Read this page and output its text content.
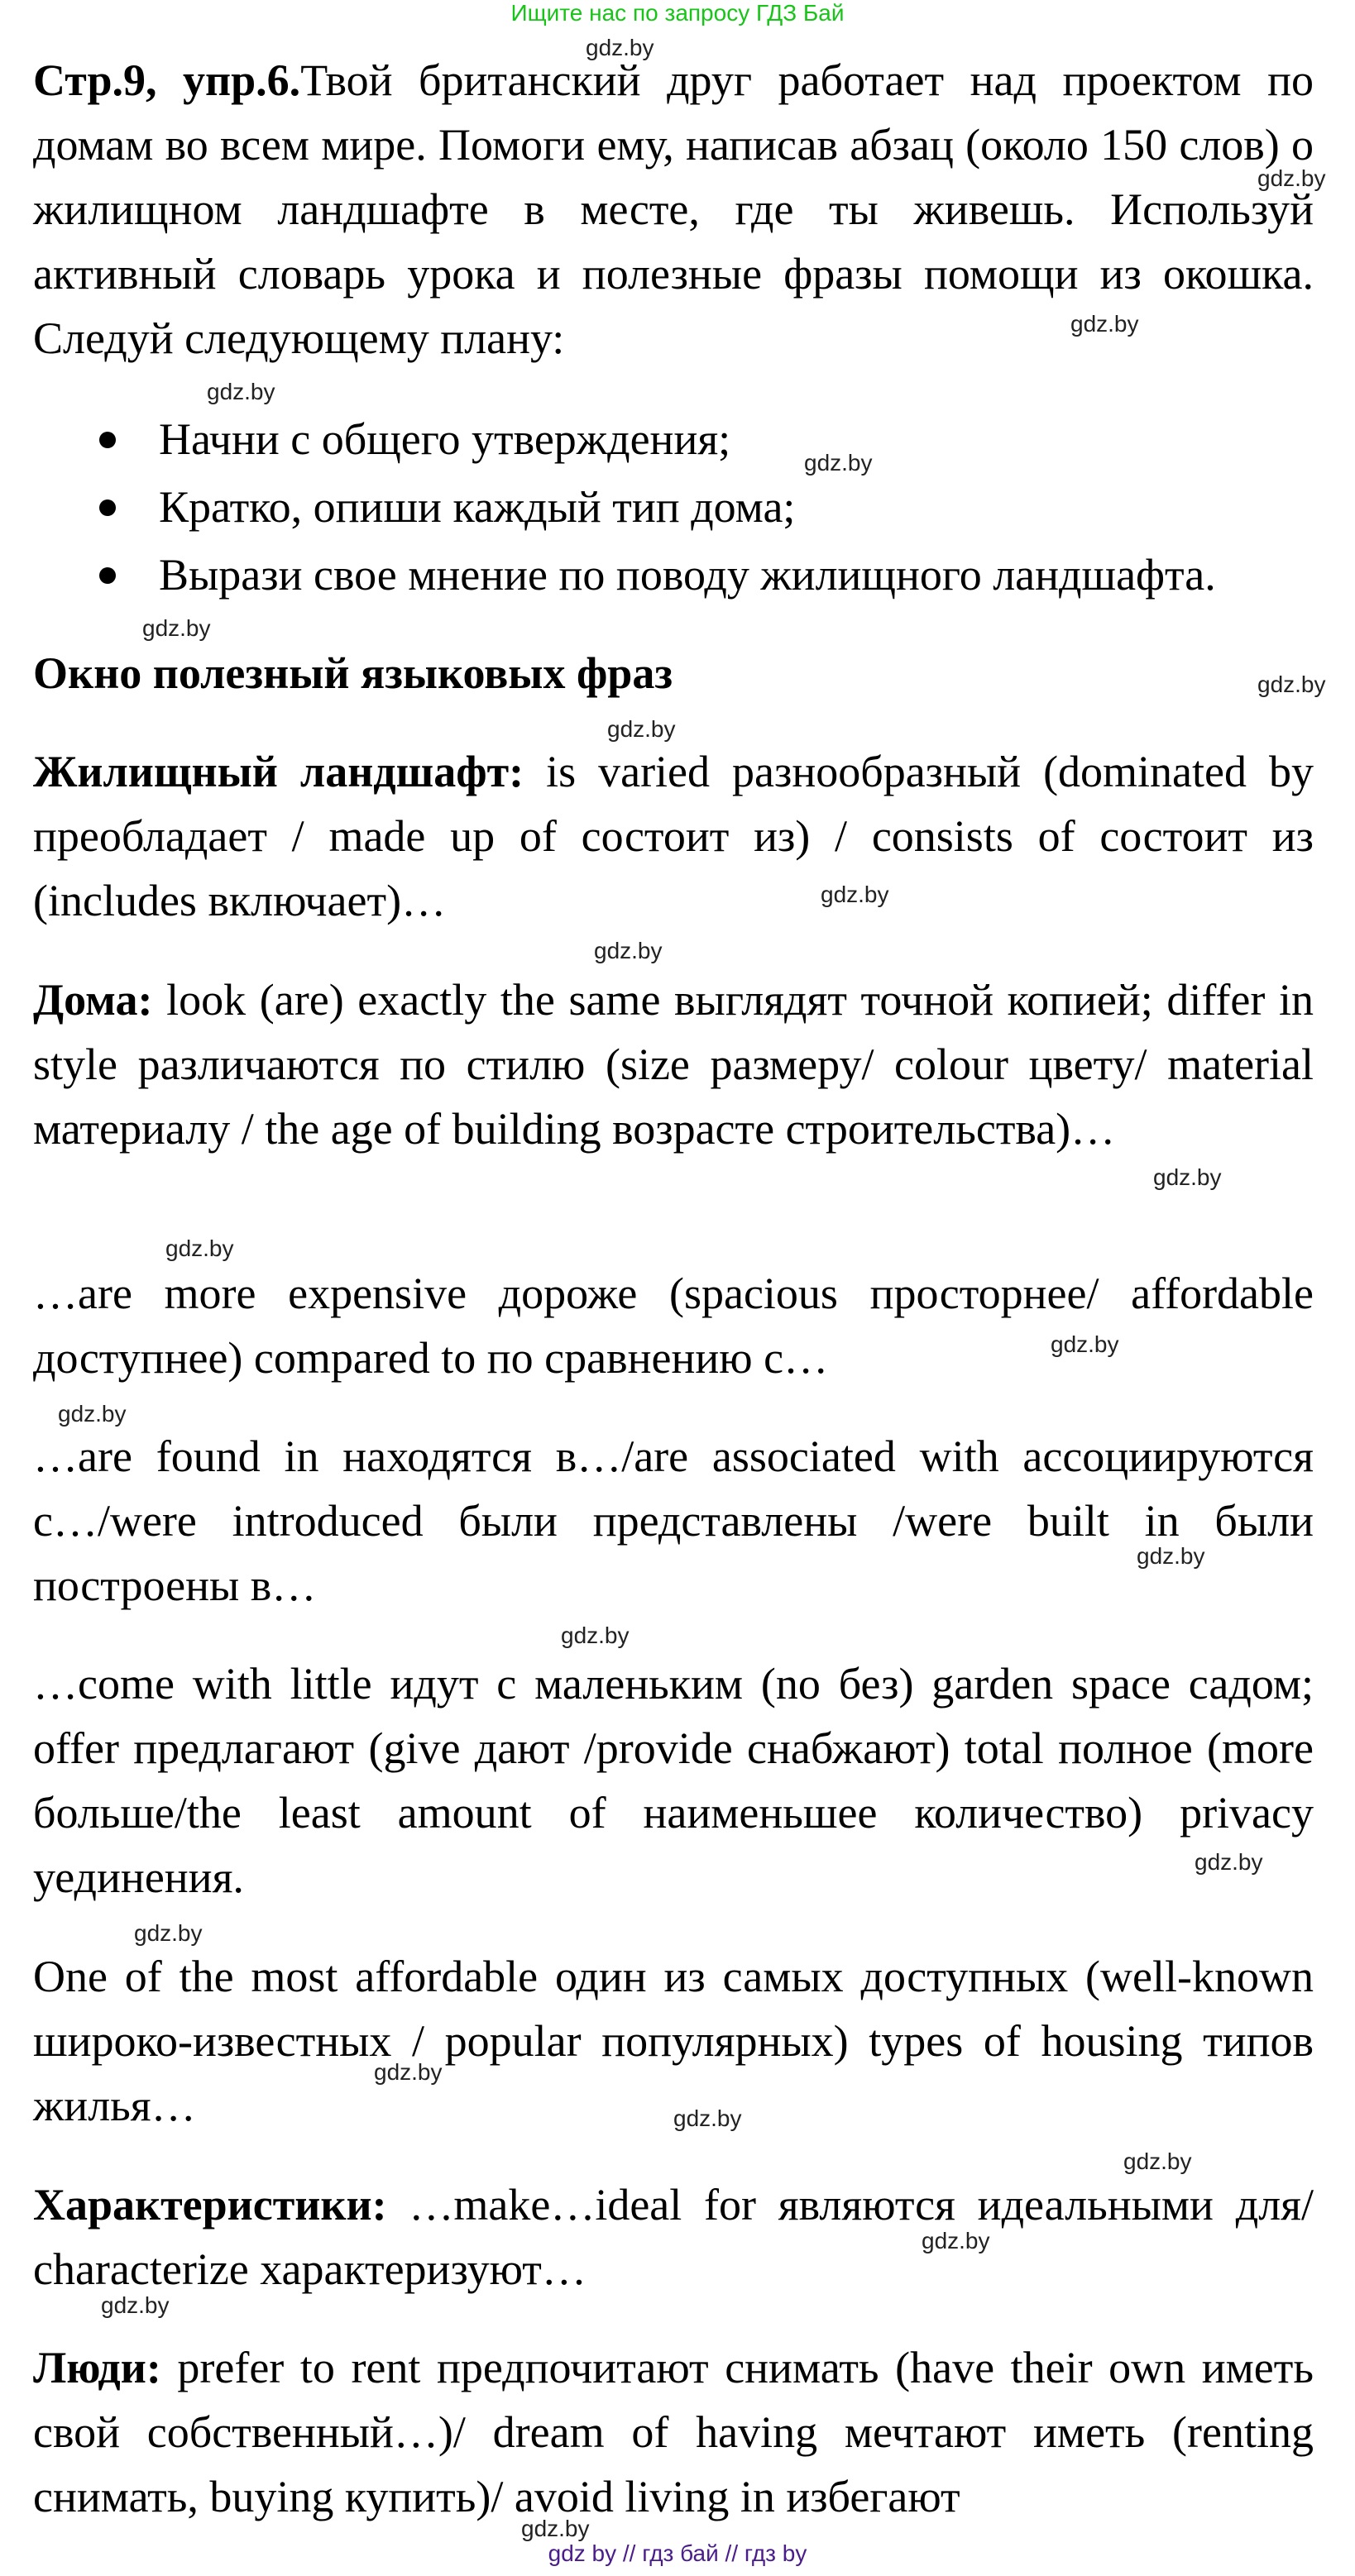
Ищите нас по запросу ГДЗ Бай
Стр.9, упр.6.Твой британский друг работает над проектом по домам во всем мире. Помоги ему, написав абзац (около 150 слов) о жилищном ландшафте в месте, где ты живешь. Используй активный словарь урока и полезные фразы помощи из окошка. Следуй следующему плану:
Начни с общего утверждения;
Кратко, опиши каждый тип дома;
Вырази свое мнение по поводу жилищного ландшафта.
Окно полезный языковых фраз
Жилищный ландшафт: is varied разнообразный (dominated by преобладает / made up of состоит из) / consists of состоит из (includes включает)…
Дома: look (are) exactly the same выглядят точной копией; differ in style различаются по стилю (size размеру/ colour цвету/ material материалу / the age of building возрасте строительства)…
…are more expensive дороже (spacious просторнее/ affordable доступнее) compared to по сравнению с…
…are found in находятся в…/are associated with ассоциируются с…/were introduced были представлены /were built in были построены в…
…come with little идут с маленьким (no без) garden space садом; offer предлагают (give дают /provide снабжают) total полное (more больше/the least amount of наименьшее количество) privacy уединения.
One of the most affordable один из самых доступных (well-known широко-известных / popular популярных) types of housing типов жилья…
Характеристики: …make…ideal for являются идеальными для/ characterize характеризуют…
Люди: prefer to rent предпочитают снимать (have their own иметь свой собственный…)/ dream of having мечтают иметь (renting снимать, buying купить)/ avoid living in избегают
gdz.by
gdz.by
gdz.by
gdz.by
gdz.by
gdz.by
gdz.by
gdz.by
gdz.by
gdz.by
gdz.by
gdz.by
gdz.by
gdz.by
gdz.by
gdz.by
gdz.by
gdz.by
gdz.by
gdz.by
gdz.by
gdz.by
gdz.by
gdz.by
gdz by // гдз бай // гдз by
